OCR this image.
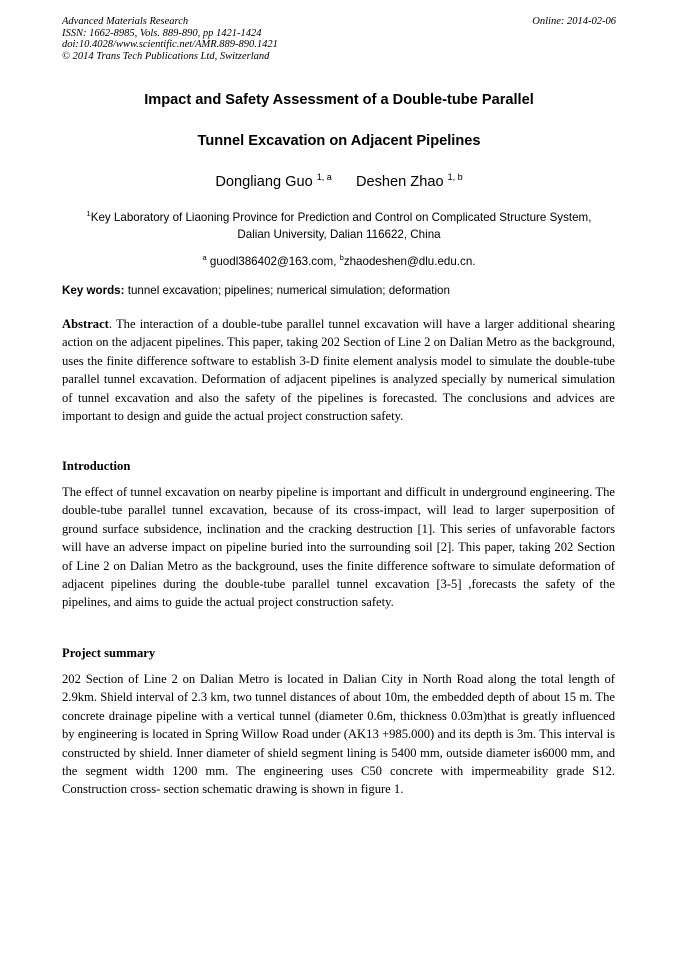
Advanced Materials Research
ISSN: 1662-8985, Vols. 889-890, pp 1421-1424
doi:10.4028/www.scientific.net/AMR.889-890.1421
© 2014 Trans Tech Publications Ltd, Switzerland
Online: 2014-02-06
Impact and Safety Assessment of a Double-tube Parallel
Tunnel Excavation on Adjacent Pipelines
Dongliang Guo $^{1, a}$ Deshen Zhao $^{1, b}$
$^1$Key Laboratory of Liaoning Province for Prediction and Control on Complicated Structure System,
Dalian University, Dalian 116622, China
$^a$ guodl386402@163.com, $^b$zhaodeshen@dlu.edu.cn.
Key words: tunnel excavation; pipelines; numerical simulation; deformation
Abstract. The interaction of a double-tube parallel tunnel excavation will have a larger additional shearing action on the adjacent pipelines. This paper, taking 202 Section of Line 2 on Dalian Metro as the background, uses the finite difference software to establish 3-D finite element analysis model to simulate the double-tube parallel tunnel excavation. Deformation of adjacent pipelines is analyzed specially by numerical simulation of tunnel excavation and also the safety of the pipelines is forecasted. The conclusions and advices are important to design and guide the actual project construction safety.
Introduction
The effect of tunnel excavation on nearby pipeline is important and difficult in underground engineering. The double-tube parallel tunnel excavation, because of its cross-impact, will lead to larger superposition of ground surface subsidence, inclination and the cracking destruction [1]. This series of unfavorable factors will have an adverse impact on pipeline buried into the surrounding soil [2]. This paper, taking 202 Section of Line 2 on Dalian Metro as the background, uses the finite difference software to simulate deformation of adjacent pipelines during the double-tube parallel tunnel excavation [3-5] ,forecasts the safety of the pipelines, and aims to guide the actual project construction safety.
Project summary
202 Section of Line 2 on Dalian Metro is located in Dalian City in North Road along the total length of 2.9km. Shield interval of 2.3 km, two tunnel distances of about 10m, the embedded depth of about 15 m. The concrete drainage pipeline with a vertical tunnel (diameter 0.6m, thickness 0.03m)that is greatly influenced by engineering is located in Spring Willow Road under (AK13 +985.000) and its depth is 3m. This interval is constructed by shield. Inner diameter of shield segment lining is 5400 mm, outside diameter is6000 mm, and the segment width 1200 mm. The engineering uses C50 concrete with impermeability grade S12. Construction cross- section schematic drawing is shown in figure 1.
